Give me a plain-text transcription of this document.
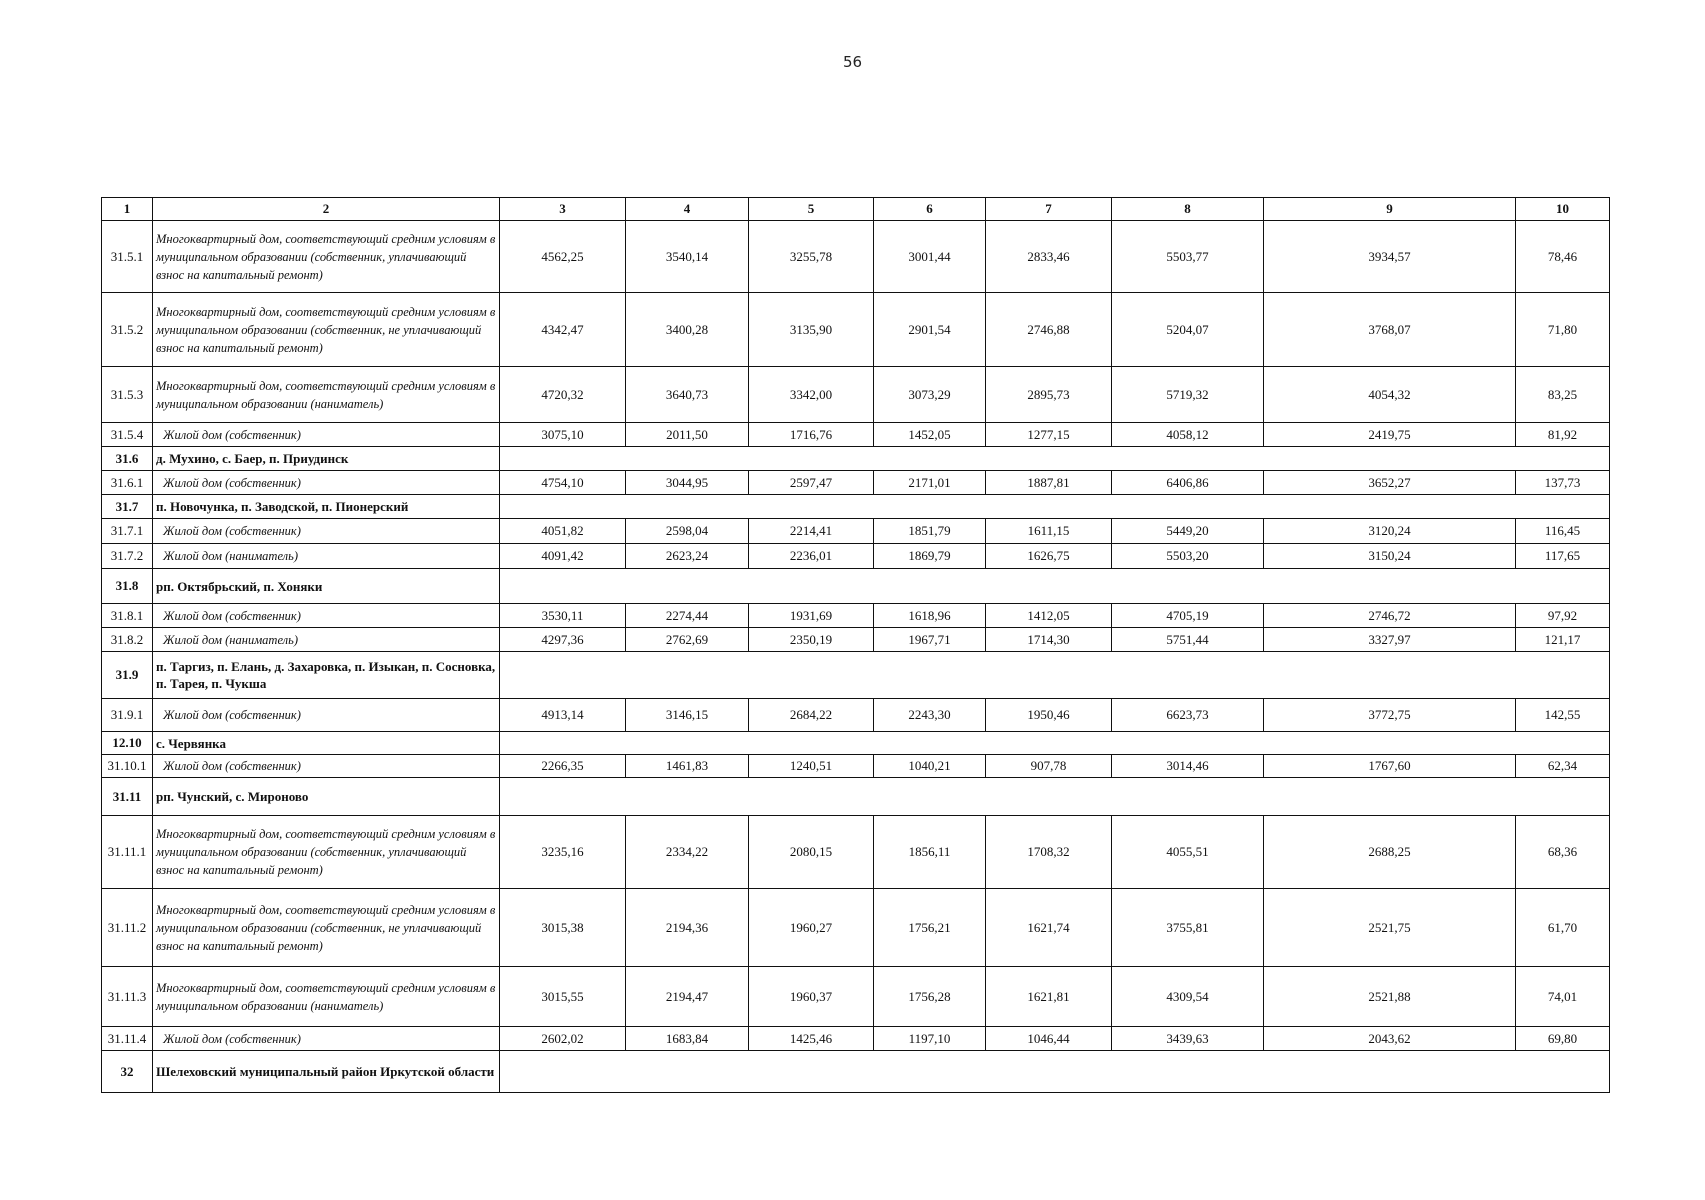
56
1	2	3	4	5	6	7	8	9	10
31.5.1	Многоквартирный дом, соответствующий средним условиям в муниципальном образовании (собственник, уплачивающий взнос на капитальный ремонт)	4562,25	3540,14	3255,78	3001,44	2833,46	5503,77	3934,57	78,46
31.5.2	Многоквартирный дом, соответствующий средним условиям в муниципальном образовании (собственник, не уплачивающий взнос на капитальный ремонт)	4342,47	3400,28	3135,90	2901,54	2746,88	5204,07	3768,07	71,80
31.5.3	Многоквартирный дом, соответствующий средним условиям в муниципальном образовании (наниматель)	4720,32	3640,73	3342,00	3073,29	2895,73	5719,32	4054,32	83,25
31.5.4	Жилой дом (собственник)	3075,10	2011,50	1716,76	1452,05	1277,15	4058,12	2419,75	81,92
31.6	д. Мухино, с. Баер, п. Приудинск								
31.6.1	Жилой дом (собственник)	4754,10	3044,95	2597,47	2171,01	1887,81	6406,86	3652,27	137,73
31.7	п. Новочунка, п. Заводской, п. Пионерский								
31.7.1	Жилой дом (собственник)	4051,82	2598,04	2214,41	1851,79	1611,15	5449,20	3120,24	116,45
31.7.2	Жилой дом (наниматель)	4091,42	2623,24	2236,01	1869,79	1626,75	5503,20	3150,24	117,65
31.8	рп. Октябрьский, п. Хоняки								
31.8.1	Жилой дом (собственник)	3530,11	2274,44	1931,69	1618,96	1412,05	4705,19	2746,72	97,92
31.8.2	Жилой дом (наниматель)	4297,36	2762,69	2350,19	1967,71	1714,30	5751,44	3327,97	121,17
31.9	п. Таргиз, п. Елань, д. Захаровка, п. Изыкан, п. Сосновка, п. Тарея, п. Чукша								
31.9.1	Жилой дом (собственник)	4913,14	3146,15	2684,22	2243,30	1950,46	6623,73	3772,75	142,55
12.10	с. Червянка								
31.10.1	Жилой дом (собственник)	2266,35	1461,83	1240,51	1040,21	907,78	3014,46	1767,60	62,34
31.11	рп. Чунский, с. Мироново								
31.11.1	Многоквартирный дом, соответствующий средним условиям в муниципальном образовании (собственник, уплачивающий взнос на капитальный ремонт)	3235,16	2334,22	2080,15	1856,11	1708,32	4055,51	2688,25	68,36
31.11.2	Многоквартирный дом, соответствующий средним условиям в муниципальном образовании (собственник, не уплачивающий взнос на капитальный ремонт)	3015,38	2194,36	1960,27	1756,21	1621,74	3755,81	2521,75	61,70
31.11.3	Многоквартирный дом, соответствующий средним условиям в муниципальном образовании (наниматель)	3015,55	2194,47	1960,37	1756,28	1621,81	4309,54	2521,88	74,01
31.11.4	Жилой дом (собственник)	2602,02	1683,84	1425,46	1197,10	1046,44	3439,63	2043,62	69,80
32	Шелеховский муниципальный район Иркутской области								
